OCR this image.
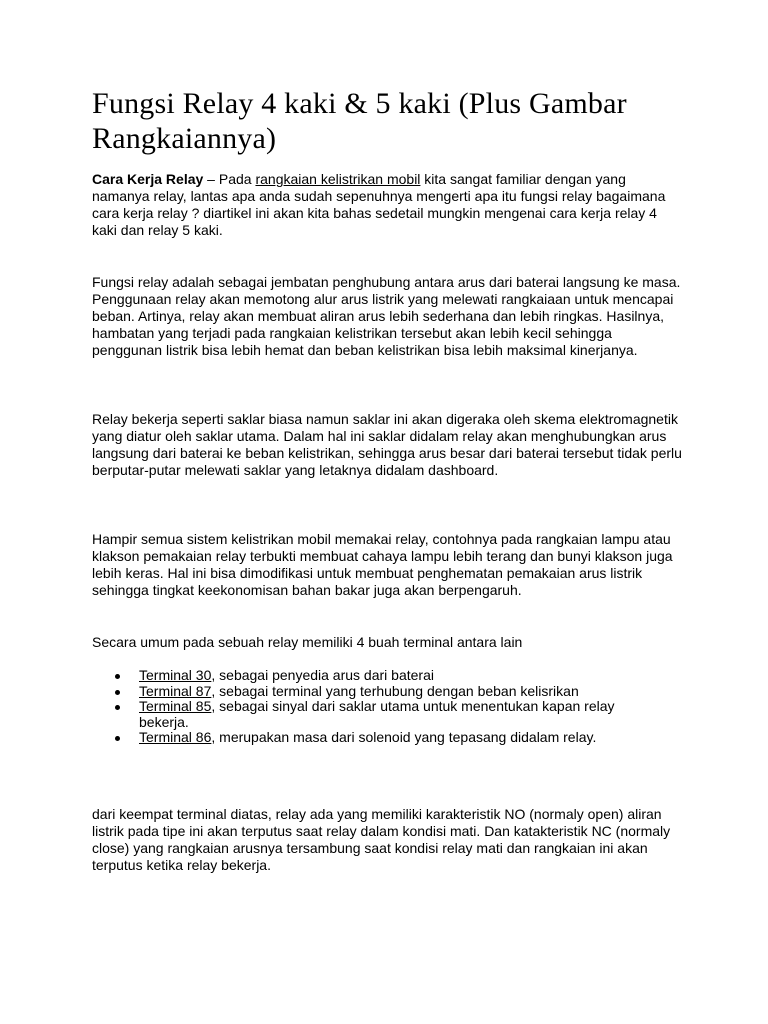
Fungsi Relay 4 kaki & 5 kaki (Plus Gambar Rangkaiannya)

Cara Kerja Relay – Pada rangkaian kelistrikan mobil kita sangat familiar dengan yang namanya relay, lantas apa anda sudah sepenuhnya mengerti apa itu fungsi relay bagaimana cara kerja relay ? diartikel ini akan kita bahas sedetail mungkin mengenai cara kerja relay 4 kaki dan relay 5 kaki.

Fungsi relay adalah sebagai jembatan penghubung antara arus dari baterai langsung ke masa. Penggunaan relay akan memotong alur arus listrik yang melewati rangkaiaan untuk mencapai beban. Artinya, relay akan membuat aliran arus lebih sederhana dan lebih ringkas. Hasilnya, hambatan yang terjadi pada rangkaian kelistrikan tersebut akan lebih kecil sehingga penggunan listrik bisa lebih hemat dan beban kelistrikan bisa lebih maksimal kinerjanya.

Relay bekerja seperti saklar biasa namun saklar ini akan digeraka oleh skema elektromagnetik yang diatur oleh saklar utama. Dalam hal ini saklar didalam relay akan menghubungkan arus langsung dari baterai ke beban kelistrikan, sehingga arus besar dari baterai tersebut tidak perlu berputar-putar melewati saklar yang letaknya didalam dashboard.

Hampir semua sistem kelistrikan mobil memakai relay, contohnya pada rangkaian lampu atau klakson pemakaian relay terbukti membuat cahaya lampu lebih terang dan bunyi klakson juga lebih keras. Hal ini bisa dimodifikasi untuk membuat penghematan pemakaian arus listrik sehingga tingkat keekonomisan bahan bakar juga akan berpengaruh.

Secara umum pada sebuah relay memiliki 4 buah terminal antara lain

Terminal 30, sebagai penyedia arus dari baterai
Terminal 87, sebagai terminal yang terhubung dengan beban kelisrikan
Terminal 85, sebagai sinyal dari saklar utama untuk menentukan kapan relay bekerja.
Terminal 86, merupakan masa dari solenoid yang tepasang didalam relay.

dari keempat terminal diatas, relay ada yang memiliki karakteristik NO (normaly open) aliran listrik pada tipe ini akan terputus saat relay dalam kondisi mati. Dan katakteristik NC (normaly close) yang rangkaian arusnya tersambung saat kondisi relay mati dan rangkaian ini akan terputus ketika relay bekerja.
